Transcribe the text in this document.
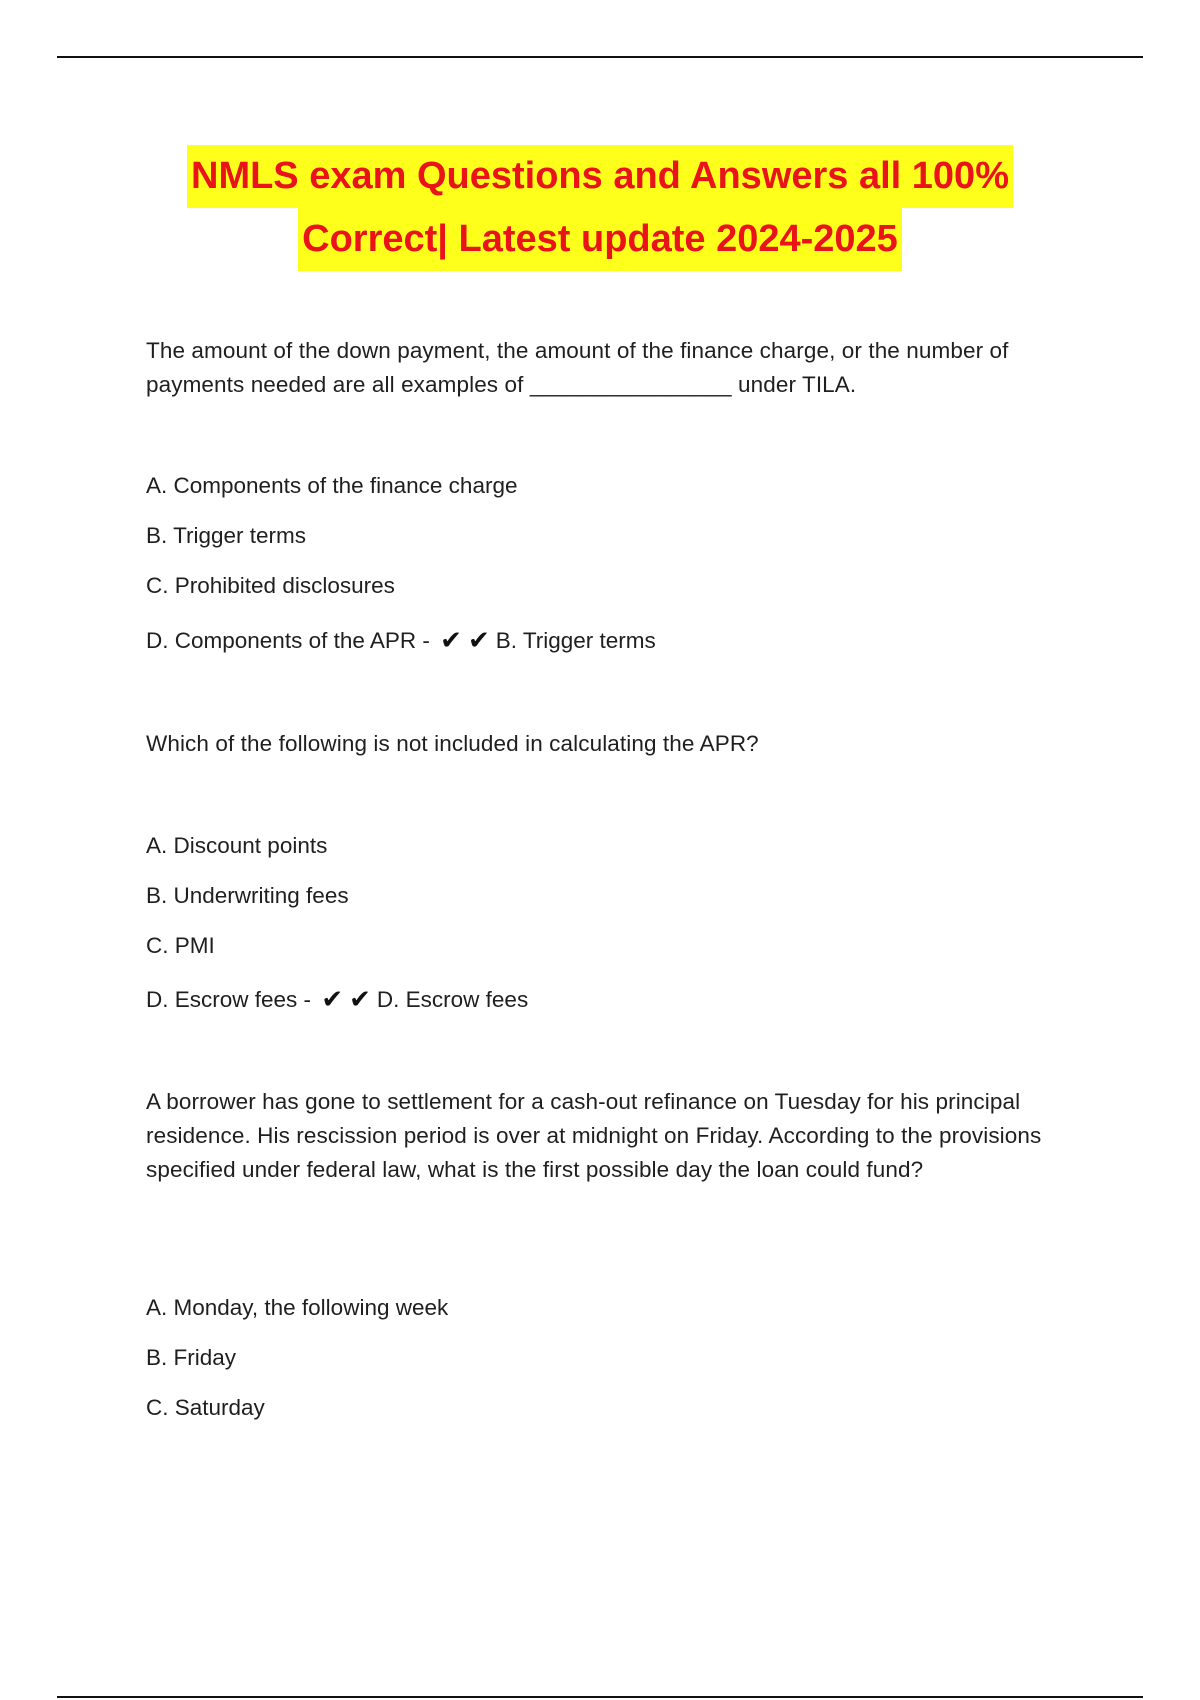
NMLS exam Questions and Answers all 100%
Correct| Latest update 2024-2025
The amount of the down payment, the amount of the finance charge, or the number of payments needed are all examples of ________________ under TILA.
A. Components of the finance charge
B. Trigger terms
C. Prohibited disclosures
D. Components of the APR - ✔ ✔ B. Trigger terms
Which of the following is not included in calculating the APR?
A. Discount points
B. Underwriting fees
C. PMI
D. Escrow fees - ✔ ✔ D. Escrow fees
A borrower has gone to settlement for a cash-out refinance on Tuesday for his principal residence. His rescission period is over at midnight on Friday. According to the provisions specified under federal law, what is the first possible day the loan could fund?
A. Monday, the following week
B. Friday
C. Saturday
